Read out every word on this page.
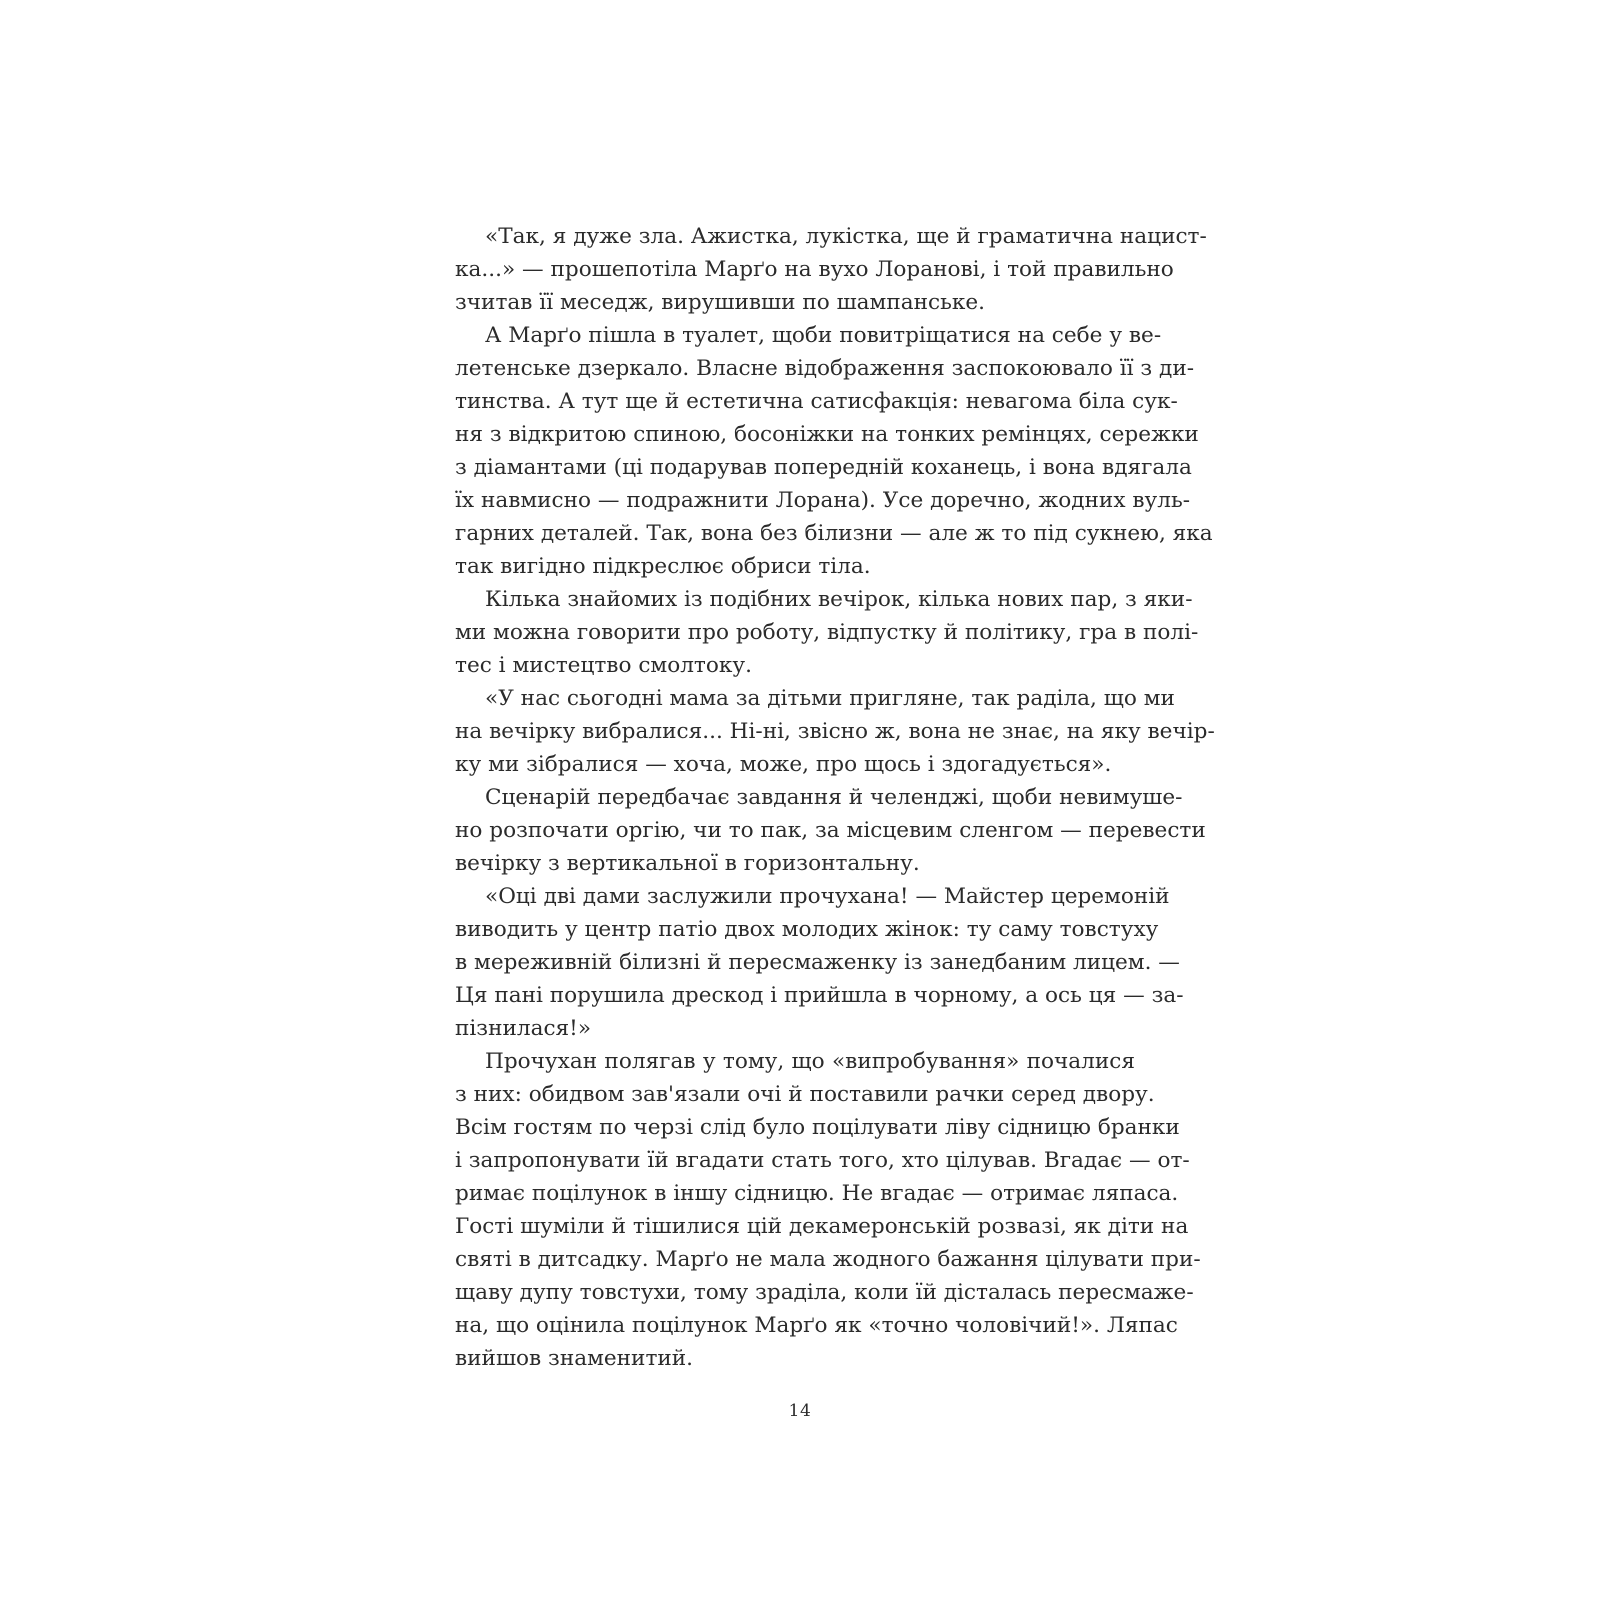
«Так, я дуже зла. Ажистка, лукістка, ще й граматична нацист-
ка...» — прошепотіла Марґо на вухо Лоранові, і той правильно
зчитав її меседж, вирушивши по шампанське.
А Марґо пішла в туалет, щоби повитріщатися на себе у ве-
летенське дзеркало. Власне відображення заспокоювало її з ди-
тинства. А тут ще й естетична сатисфакція: невагома біла сук-
ня з відкритою спиною, босоніжки на тонких ремінцях, сережки
з діамантами (ці подарував попередній коханець, і вона вдягала
їх навмисно — подражнити Лорана). Усе доречно, жодних вуль-
гарних деталей. Так, вона без білизни — але ж то під сукнею, яка
так вигідно підкреслює обриси тіла.
Кілька знайомих із подібних вечірок, кілька нових пар, з яки-
ми можна говорити про роботу, відпустку й політику, гра в полі-
тес і мистецтво смолтоку.
«У нас сьогодні мама за дітьми пригляне, так раділа, що ми
на вечірку вибралися... Ні-ні, звісно ж, вона не знає, на яку вечір-
ку ми зібралися — хоча, може, про щось і здогадується».
Сценарій передбачає завдання й челенджі, щоби невимуше-
но розпочати оргію, чи то пак, за місцевим сленгом — перевести
вечірку з вертикальної в горизонтальну.
«Оці дві дами заслужили прочухана! — Майстер церемоній
виводить у центр патіо двох молодих жінок: ту саму товстуху
в мереживній білизні й пересмаженку із занедбаним лицем. —
Ця пані порушила дрескод і прийшла в чорному, а ось ця — за-
пізнилася!»
Прочухан полягав у тому, що «випробування» почалися
з них: обидвом зав'язали очі й поставили рачки серед двору.
Всім гостям по черзі слід було поцілувати ліву сідницю бранки
і запропонувати їй вгадати стать того, хто цілував. Вгадає — от-
римає поцілунок в іншу сідницю. Не вгадає — отримає ляпаса.
Гості шуміли й тішилися цій декамеронській розвазі, як діти на
святі в дитсадку. Марґо не мала жодного бажання цілувати при-
щаву дупу товстухи, тому зраділа, коли їй дісталась пересмаже-
на, що оцінила поцілунок Марґо як «точно чоловічий!». Ляпас
вийшов знаменитий.
14
